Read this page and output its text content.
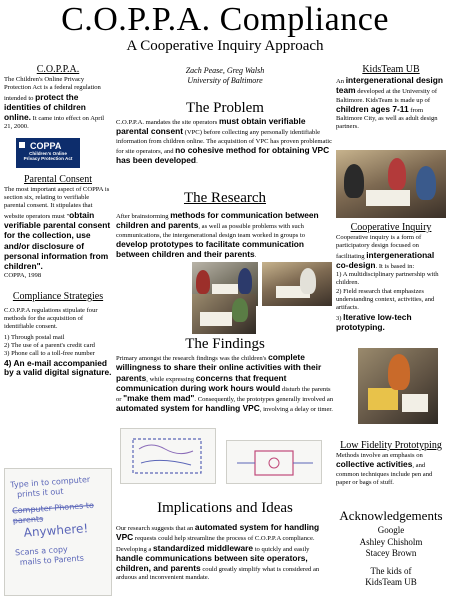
C.O.P.P.A. Compliance
A Cooperative Inquiry Approach
C.O.P.P.A.
The Children's Online Privacy Protection Act is a federal regulation intended to protect the identities of children online. It came into effect on April 21, 2000.
COPPA
Children's Online
Privacy Protection Act
Parental Consent
The most important aspect of COPPA is section six, relating to verifiable parental consent. It stipulates that website operators must "obtain verifiable parental consent for the collection, use and/or disclosure of personal information from children".
COPPA, 1998
Compliance Strategies
C.O.P.P.A regulations stipulate four methods for the acquisition of identifiable consent.
1) Through postal mail
2) The use of a parent's credit card
3) Phone call to a toll-free number
4) An e-mail accompanied by a valid digital signature.
Type in to computer
prints it out
Computer Phones to parents
Anywhere!
Scans a copy
mails to Parents
Zach Pease, Greg Walsh
University of Baltimore
The Problem
C.O.P.P.A. mandates the site operators must obtain verifiable parental consent (VPC) before collecting any personally identifiable information from children online. The acquisition of VPC has proven problematic for site operators, and no cohesive method for obtaining VPC has been developed.
The Research
After brainstorming methods for communication between children and parents, as well as possible problems with such communications, the intergenerational design team worked in groups to develop prototypes to facilitate communication between children and their parents.
The Findings
Primary amongst the research findings was the children's complete willingness to share their online activities with their parents, while expressing concerns that frequent communication during work hours would disturb the parents or "make them mad". Consequently, the prototypes generally involved an automated system for handling VPC, involving a delay or timer.
Implications and Ideas
Our research suggests that an automated system for handling VPC requests could help streamline the process of C.O.P.P.A compliance. Developing a standardized middleware to quickly and easily handle communications between site operators, children, and parents could greatly simplify what is considered an arduous and inconvenient mandate.
KidsTeam UB
An intergenerational design team developed at the University of Baltimore. KidsTeam is made up of children ages 7-11 from Baltimore City, as well as adult design partners.
Cooperative Inquiry
Cooperative inquiry is a form of participatory design focused on facilitating intergenerational co-design. It is based in:
1) A multidisciplinary partnership with children.
2) Field research that emphasizes understanding context, activities, and artifacts.
3) Iterative low-tech prototyping.
Low Fidelity Prototyping
Methods involve an emphasis on collective activities, and common techniques include pen and paper or bags of stuff.
Acknowledgements
Google
Ashley Chisholm
Stacey Brown
The kids of
KidsTeam UB
